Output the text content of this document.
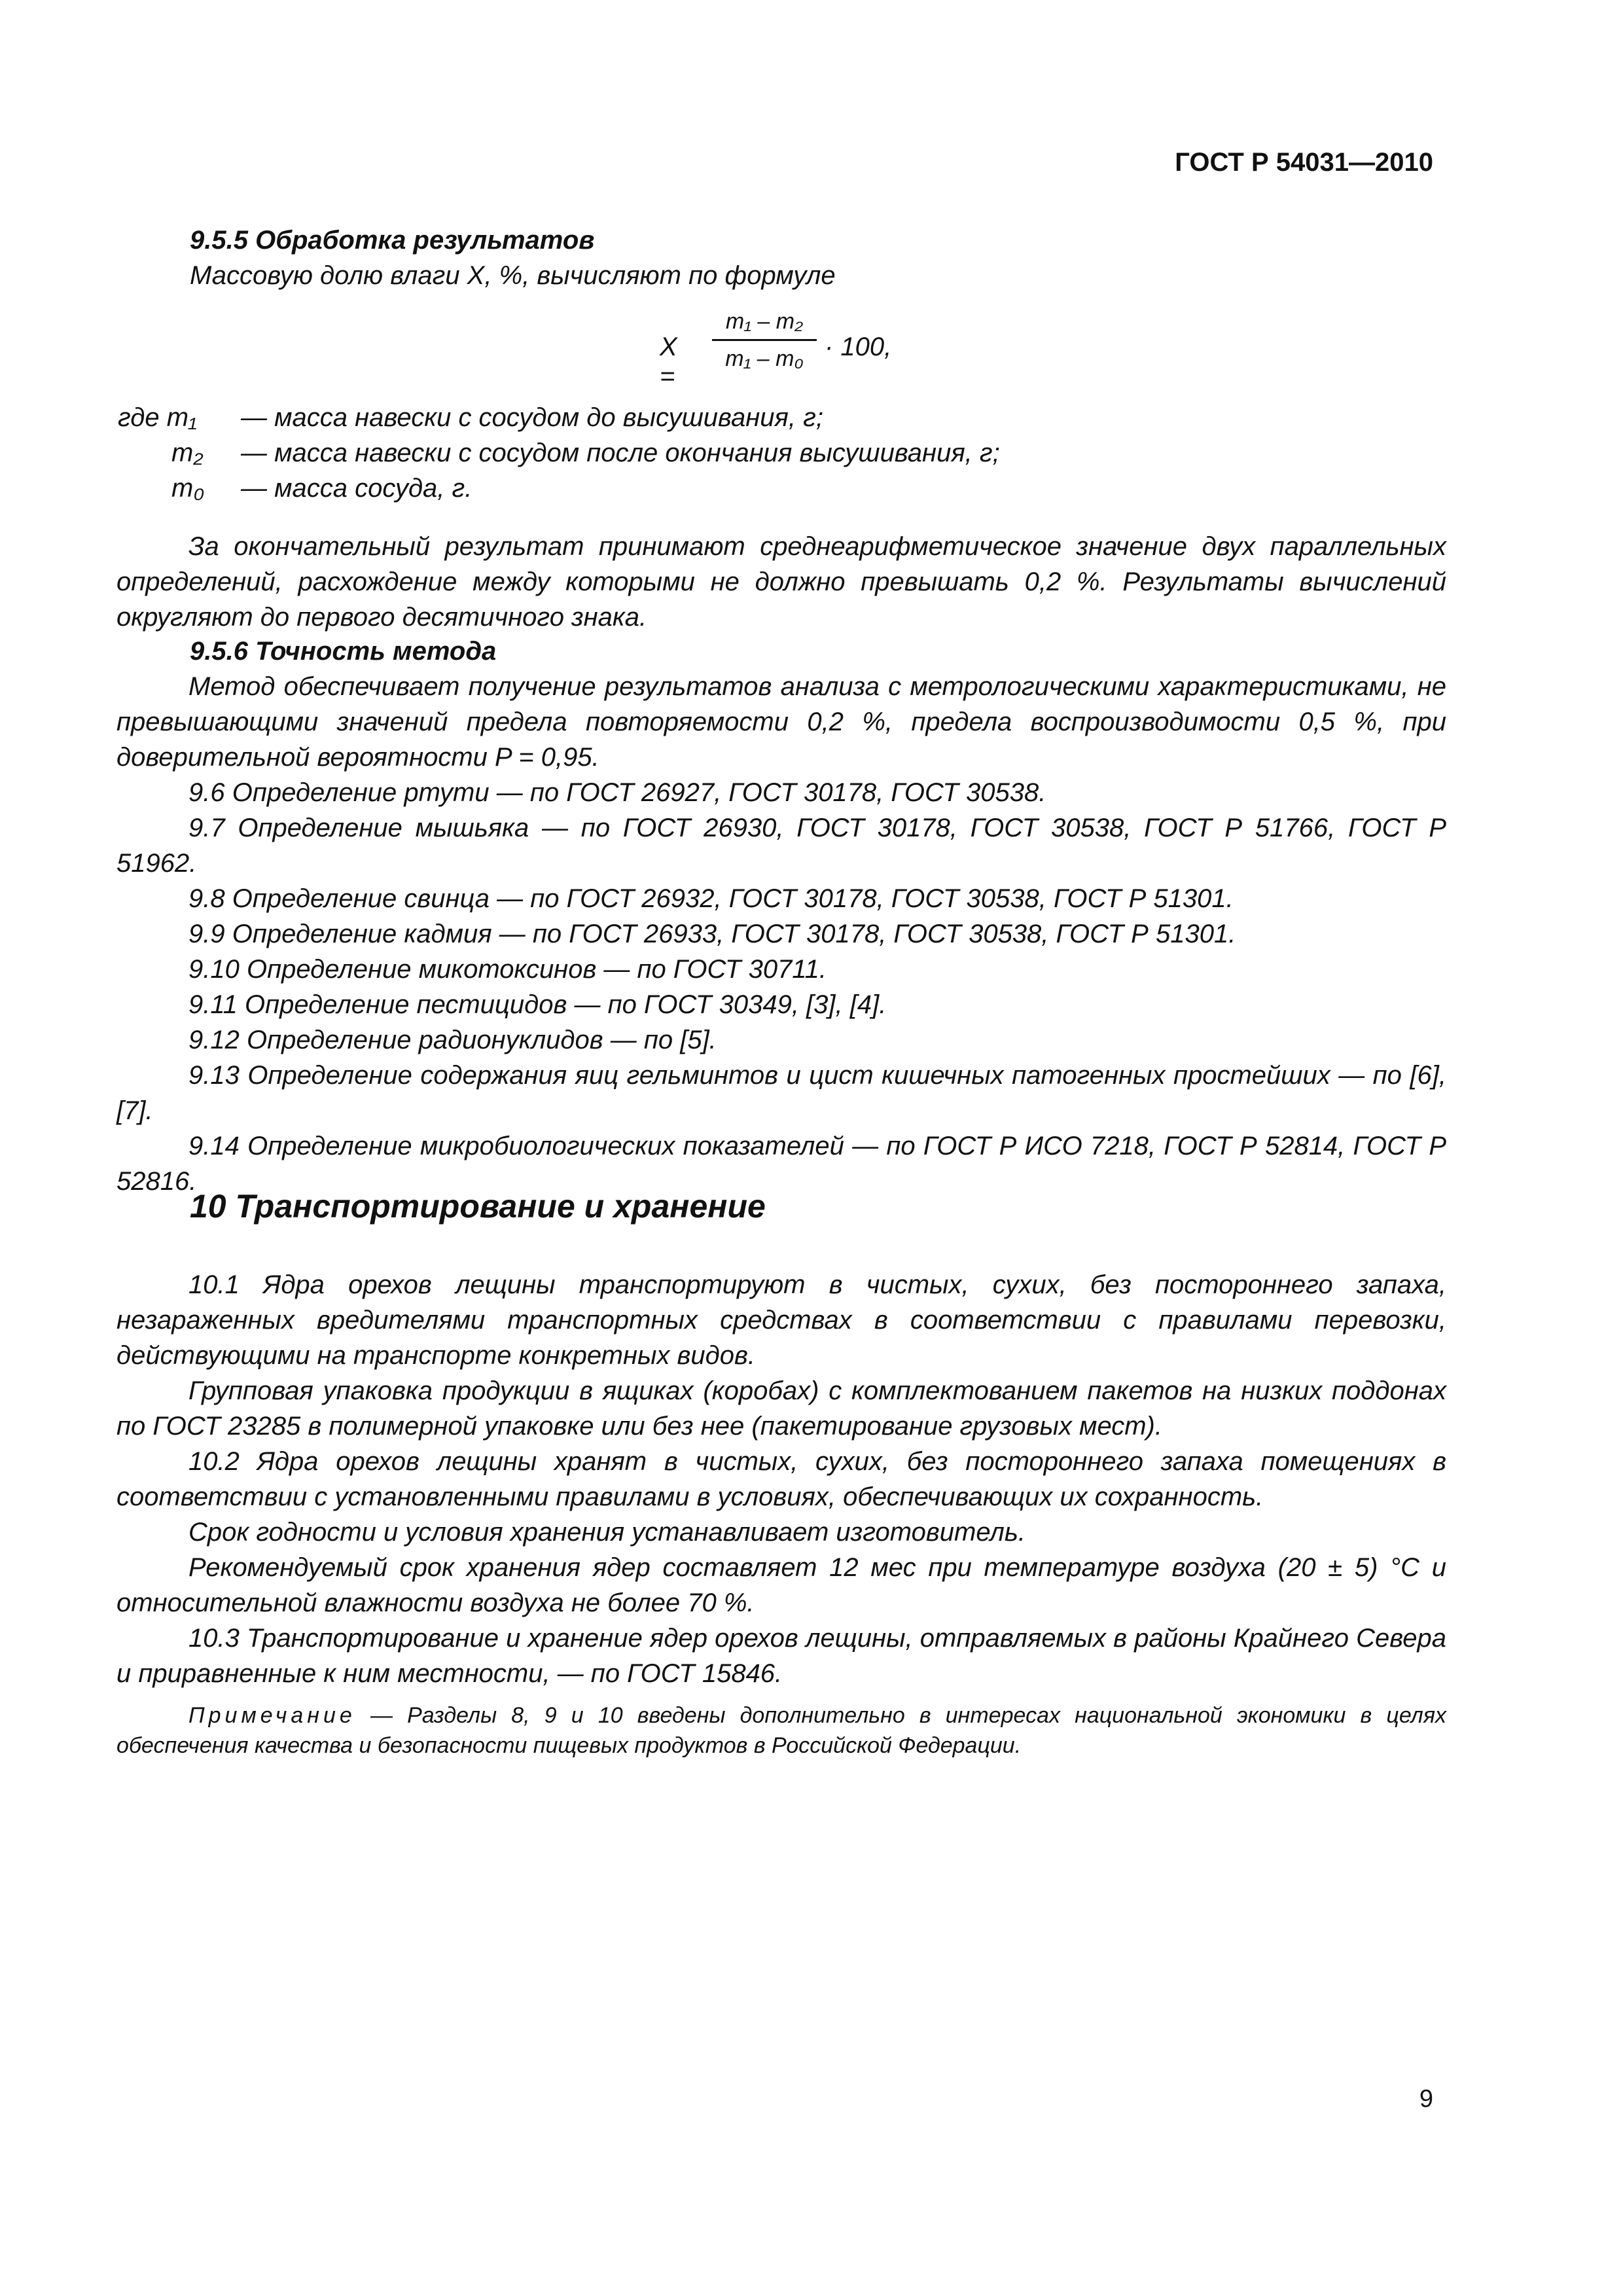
ГОСТ Р 54031—2010
9.5.5 Обработка результатов
Массовую долю влаги X, %, вычисляют по формуле
X =
m₁ – m₂
m₁ – m₀ · 100,
где m₁ — масса навески с сосудом до высушивания, г;
m₂ — масса навески с сосудом после окончания высушивания, г;
m₀ — масса сосуда, г.
За окончательный результат принимают среднеарифметическое значение двух параллельных определений, расхождение между которыми не должно превышать 0,2 %. Результаты вычислений округляют до первого десятичного знака.
9.5.6 Точность метода
Метод обеспечивает получение результатов анализа с метрологическими характеристиками, не превышающими значений предела повторяемости 0,2 %, предела воспроизводимости 0,5 %, при доверительной вероятности P = 0,95.
9.6 Определение ртути — по ГОСТ 26927, ГОСТ 30178, ГОСТ 30538.
9.7 Определение мышьяка — по ГОСТ 26930, ГОСТ 30178, ГОСТ 30538, ГОСТ Р 51766, ГОСТ Р 51962.
9.8 Определение свинца — по ГОСТ 26932, ГОСТ 30178, ГОСТ 30538, ГОСТ Р 51301.
9.9 Определение кадмия — по ГОСТ 26933, ГОСТ 30178, ГОСТ 30538, ГОСТ Р 51301.
9.10 Определение микотоксинов — по ГОСТ 30711.
9.11 Определение пестицидов — по ГОСТ 30349, [3], [4].
9.12 Определение радионуклидов — по [5].
9.13 Определение содержания яиц гельминтов и цист кишечных патогенных простейших — по [6], [7].
9.14 Определение микробиологических показателей — по ГОСТ Р ИСО 7218, ГОСТ Р 52814, ГОСТ Р 52816.
10 Транспортирование и хранение
10.1 Ядра орехов лещины транспортируют в чистых, сухих, без постороннего запаха, незараженных вредителями транспортных средствах в соответствии с правилами перевозки, действующими на транспорте конкретных видов.
Групповая упаковка продукции в ящиках (коробах) с комплектованием пакетов на низких поддонах по ГОСТ 23285 в полимерной упаковке или без нее (пакетирование грузовых мест).
10.2 Ядра орехов лещины хранят в чистых, сухих, без постороннего запаха помещениях в соответствии с установленными правилами в условиях, обеспечивающих их сохранность.
Срок годности и условия хранения устанавливает изготовитель.
Рекомендуемый срок хранения ядер составляет 12 мес при температуре воздуха (20 ± 5) °С и относительной влажности воздуха не более 70 %.
10.3 Транспортирование и хранение ядер орехов лещины, отправляемых в районы Крайнего Севера и приравненные к ним местности, — по ГОСТ 15846.
Примечание — Разделы 8, 9 и 10 введены дополнительно в интересах национальной экономики в целях обеспечения качества и безопасности пищевых продуктов в Российской Федерации.
9
